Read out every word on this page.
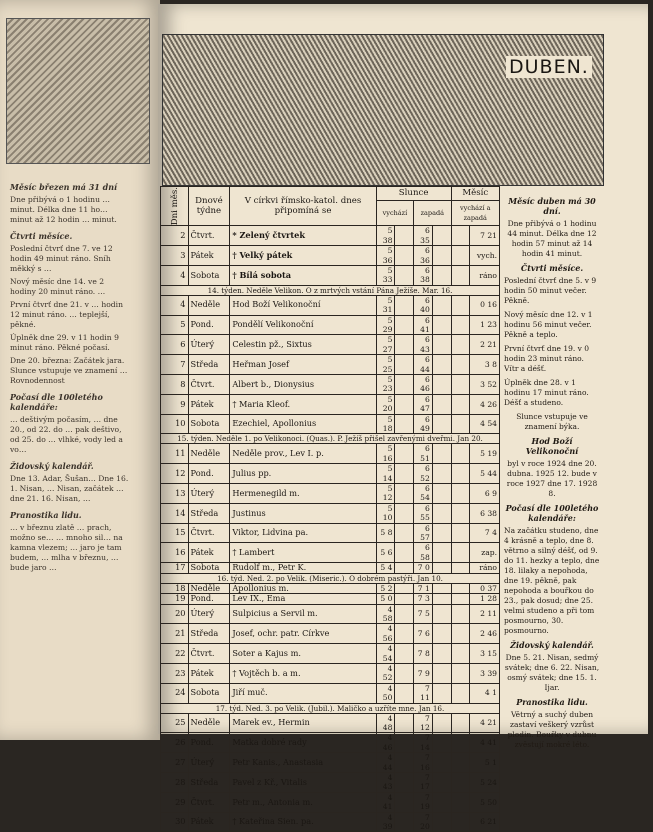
Měsíc březen má 31 dní

Dne přibývá o 1 hodinu … minut. Délka dne 11 ho… minut až 12 hodin … minut.

Čtvrti měsíce.

Poslední čtvrť dne 7. ve 12 hodin 49 minut ráno. Sníh měkký s …

Nový měsíc dne 14. ve 2 hodiny 20 minut ráno. …

První čtvrť dne 21. v … hodin 12 minut ráno. … teplejší, pěkné.

Úplněk dne 29. v 11 hodin 9 minut ráno. Pěkné počasí.

Dne 20. března: Začátek jara. Slunce vstupuje ve znamení … Rovnodennost

Počasí dle 100letého kalendáře:

… deštivým počasím, … dne 20., od 22. do … pak deštivo, od 25. do … vlhké, vody led a vo…

Židovský kalendář.

Dne 13. Adar, Šušan… Dne 16. 1. Nisan, … Nisan, začátek … dne 21. 16. Nisan, …

Pranostika lidu.

… v březnu zlatě … prach, možno se… … mnoho sil… na kamna vlezem; … jaro je tam budem, … mlha v březnu, … bude jaro …

DUBEN.
Dni měs.	Dnové týdne	V církvi římsko-katol. dnes připomíná se	Slunce				Měsíc	
			vychází		zapadá		vychází a zapadá	
2	Čtvrt.	* Zelený čtvrtek	5 38		6 35			7 21
3	Pátek	† Velký pátek	5 36		6 36			vych.
4	Sobota	† Bílá sobota	5 33		6 38			ráno
14. týden. Neděle Velikon. O z mrtvých vstání Pána Ježíše. Mar. 16.								
4	Neděle	Hod Boží Velikonoční	5 31		6 40			0 16
5	Pond.	Pondělí Velikonoční	5 29		6 41			1 23
6	Úterý	Celestin pž., Sixtus	5 27		6 43			2 21
7	Středa	Heřman Josef	5 25		6 44			3 8
8	Čtvrt.	Albert b., Dionysius	5 23		6 46			3 52
9	Pátek	† Maria Kleof.	5 20		6 47			4 26
10	Sobota	Ezechiel, Apollonius	5 18		6 49			4 54
15. týden. Neděle 1. po Velikonoci. (Quas.). P. Ježíš přišel zavřenými dveřmi. Jan 20.								
11	Neděle	Neděle prov., Lev I. p.	5 16		6 51			5 19
12	Pond.	Julius pp.	5 14		6 52			5 44
13	Úterý	Hermenegild m.	5 12		6 54			6 9
14	Středa	Justinus	5 10		6 55			6 38
15	Čtvrt.	Viktor, Lidvina pa.	5 8		6 57			7 4
16	Pátek	† Lambert	5 6		6 58			zap.
17	Sobota	Rudolf m., Petr K.	5 4		7 0			ráno
16. týd. Ned. 2. po Velik. (Miseric.). O dobrém pastýři. Jan 10.								
18	Neděle	Apollonius m.	5 2		7 1			0 37
19	Pond.	Lev IX., Ema	5 0		7 3			1 28
20	Úterý	Sulpicius a Servil m.	4 58		7 5			2 11
21	Středa	Josef, ochr. patr. Církve	4 56		7 6			2 46
22	Čtvrt.	Soter a Kajus m.	4 54		7 8			3 15
23	Pátek	† Vojtěch b. a m.	4 52		7 9			3 39
24	Sobota	Jiří muč.	4 50		7 11			4 1
17. týd. Ned. 3. po Velik. (Jubil.). Maličko a uzříte mne. Jan 16.								
25	Neděle	Marek ev., Hermin	4 48		7 12			4 21
26	Pond.	Matka dobré rady	4 46		7 14			4 41
27	Úterý	Petr Kanis., Anastasia	4 44		7 16			5 1
28	Středa	Pavel z Kř., Vitalis	4 43		7 17			5 24
29	Čtvrt.	Petr m., Antonia m.	4 41		7 19			5 50
30	Pátek	† Kateřina Sien. pa.	4 39		7 20			6 21
Měsíc duben má 30 dní.

Dne přibývá o 1 hodinu 44 minut. Délka dne 12 hodin 57 minut až 14 hodin 41 minut.

Čtvrti měsíce.

Poslední čtvrť dne 5. v 9 hodin 50 minut večer. Pěkně.

Nový měsíc dne 12. v 1 hodinu 56 minut večer. Pěkně a teplo.

První čtvrť dne 19. v 0 hodin 23 minut ráno. Vítr a déšť.

Úplněk dne 28. v 1 hodinu 17 minut ráno. Déšť a studeno.

Slunce vstupuje ve znamení býka.

Hod Boží Velikonoční

byl v roce 1924 dne 20. dubna. 1925 12. bude v roce 1927 dne 17. 1928 8.

Počasí dle 100letého kalendáře:

Na začátku studeno, dne 4 krásně a teplo, dne 8. větrno a silný déšť, od 9. do 11. hezky a teplo, dne 18. lilaky a nepohoda, dne 19. pěkně, pak nepohoda a bouřkou do 23., pak dosud; dne 25. velmi studeno a při tom posmourno, 30. posmourno.

Židovský kalendář.

Dne 5. 21. Nisan, sedmý svátek; dne 6. 22. Nisan, osmý svátek; dne 15. 1. Ijar.

Pranostika lidu.

Větrný a suchý duben zastaví veškerý vzrůst plodin. Bouřky v dubnu zvěstují mokré léto.
